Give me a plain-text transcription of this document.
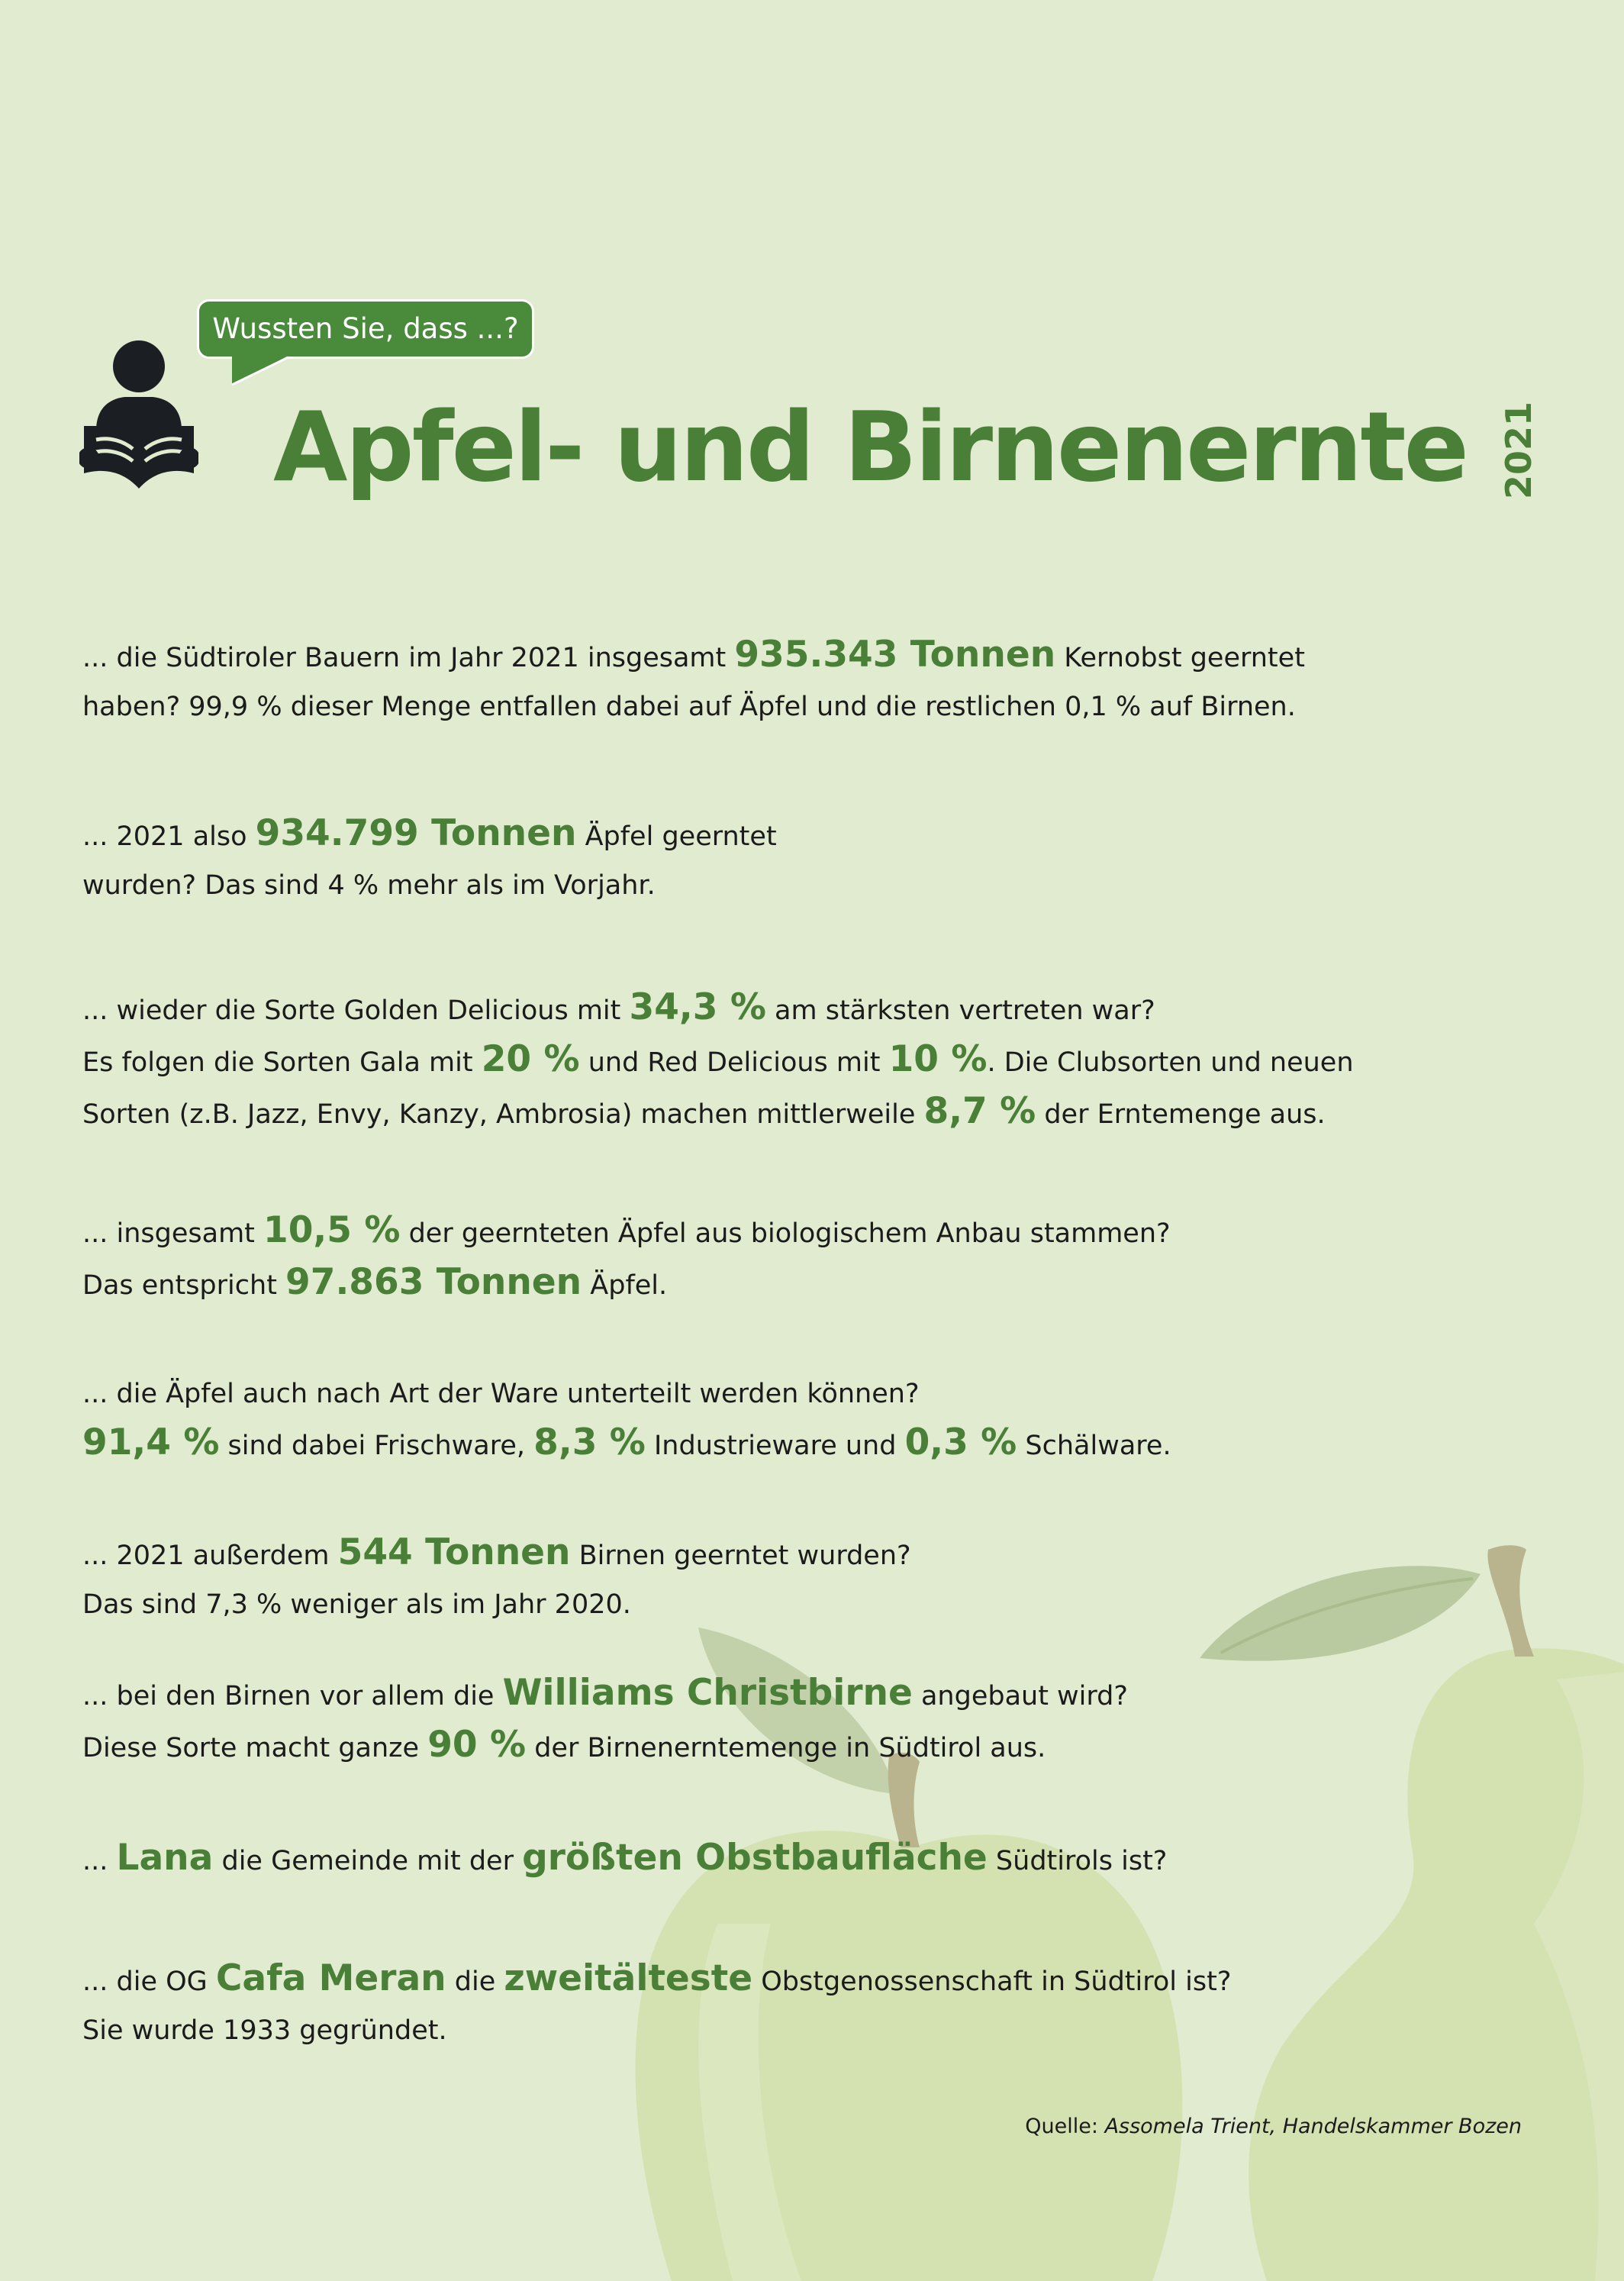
Wussten Sie, dass ...?
Apfel- und Birnenernte 2021

... die Südtiroler Bauern im Jahr 2021 insgesamt 935.343 Tonnen Kernobst geerntet
haben? 99,9 % dieser Menge entfallen dabei auf Äpfel und die restlichen 0,1 % auf Birnen.

... 2021 also 934.799 Tonnen Äpfel geerntet
wurden? Das sind 4 % mehr als im Vorjahr.

... wieder die Sorte Golden Delicious mit 34,3 % am stärksten vertreten war?
Es folgen die Sorten Gala mit 20 % und Red Delicious mit 10 %. Die Clubsorten und neuen
Sorten (z.B. Jazz, Envy, Kanzy, Ambrosia) machen mittlerweile 8,7 % der Erntemenge aus.

... insgesamt 10,5 % der geernteten Äpfel aus biologischem Anbau stammen?
Das entspricht 97.863 Tonnen Äpfel.

... die Äpfel auch nach Art der Ware unterteilt werden können?
91,4 % sind dabei Frischware, 8,3 % Industrieware und 0,3 % Schälware.

... 2021 außerdem 544 Tonnen Birnen geerntet wurden?
Das sind 7,3 % weniger als im Jahr 2020.

... bei den Birnen vor allem die Williams Christbirne angebaut wird?
Diese Sorte macht ganze 90 % der Birnenerntemenge in Südtirol aus.

... Lana die Gemeinde mit der größten Obstbaufläche Südtirols ist?

... die OG Cafa Meran die zweitälteste Obstgenossenschaft in Südtirol ist?
Sie wurde 1933 gegründet.

Quelle: Assomela Trient, Handelskammer Bozen
